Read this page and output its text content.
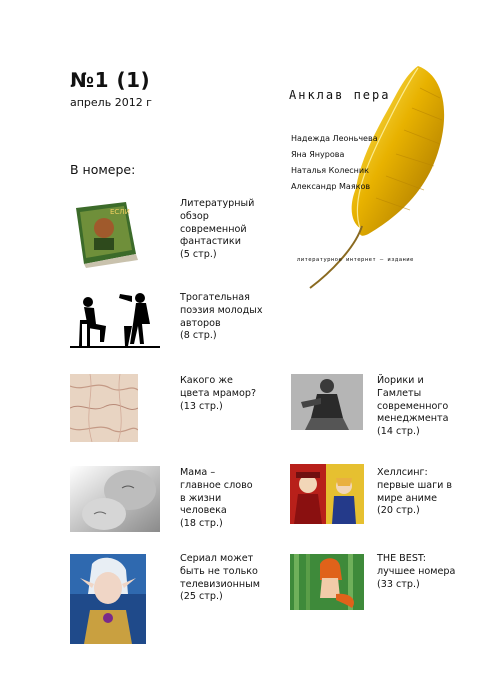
№1 (1)
апрель 2012 г
В номере:
Анклав пера
Надежда Леоньчева
Яна Янурова
Наталья Колесник
Александр Маяков
литературное интернет – издание
ЕСЛИ
Литературный
обзор
современной
фантастики
(5 стр.)
Трогательная
поэзия молодых
авторов
(8 стр.)
Какого же
цвета мрамор?
(13 стр.)
Йорики и
Гамлеты
современного
менеджмента
(14 стр.)
Мама –
главное слово
в жизни
человека
(18 стр.)
Хеллсинг:
первые шаги в
мире аниме
(20 стр.)
Сериал может
быть не только
телевизионным
(25 стр.)
THE BEST:
лучшее номера
(33 стр.)
